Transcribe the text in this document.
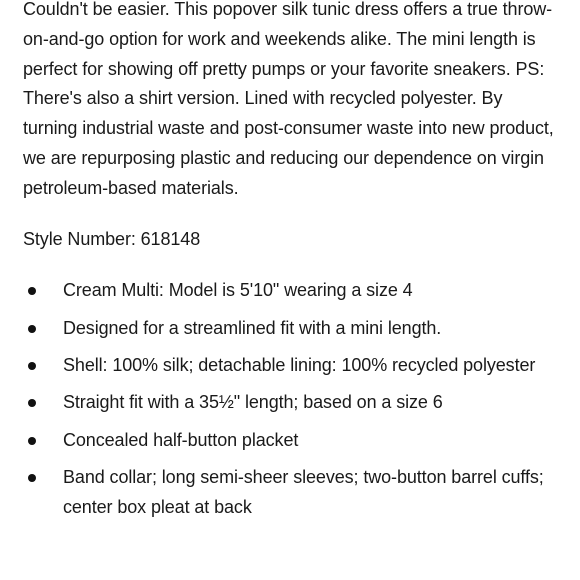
Couldn't be easier. This popover silk tunic dress offers a true throw-on-and-go option for work and weekends alike. The mini length is perfect for showing off pretty pumps or your favorite sneakers. PS: There's also a shirt version. Lined with recycled polyester. By turning industrial waste and post-consumer waste into new product, we are repurposing plastic and reducing our dependence on virgin petroleum-based materials.

Style Number: 618148

Cream Multi: Model is 5'10" wearing a size 4
Designed for a streamlined fit with a mini length.
Shell: 100% silk; detachable lining: 100% recycled polyester
Straight fit with a 35½" length; based on a size 6
Concealed half-button placket
Band collar; long semi-sheer sleeves; two-button barrel cuffs; center box pleat at back
